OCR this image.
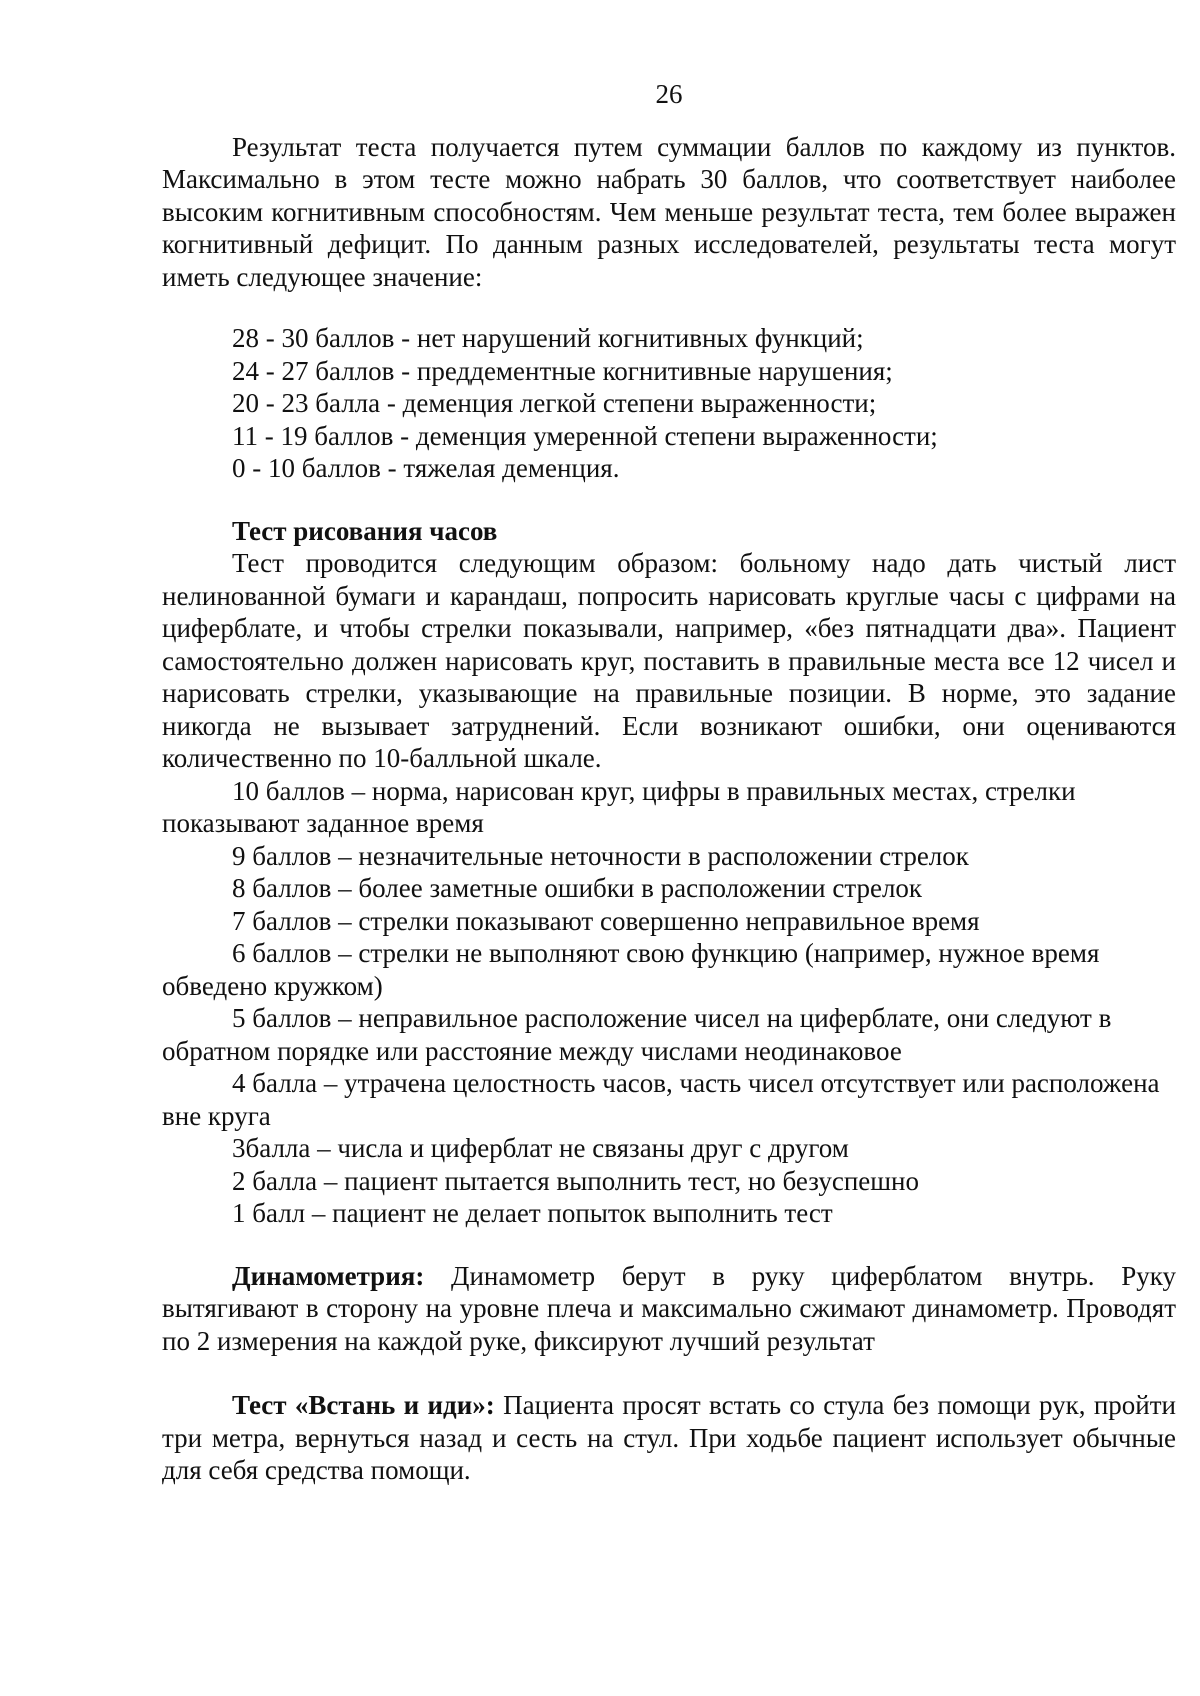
26

Результат теста получается путем суммации баллов по каждому из пунктов. Максимально в этом тесте можно набрать 30 баллов, что соответствует наиболее высоким когнитивным способностям. Чем меньше результат теста, тем более выражен когнитивный дефицит. По данным разных исследователей, результаты теста могут иметь следующее значение:

28 - 30 баллов - нет нарушений когнитивных функций;
24 - 27 баллов - преддементные когнитивные нарушения;
20 - 23 балла - деменция легкой степени выраженности;
11 - 19 баллов - деменция умеренной степени выраженности;
0 - 10 баллов - тяжелая деменция.
Тест рисования часов

Тест проводится следующим образом: больному надо дать чистый лист нелинованной бумаги и карандаш, попросить нарисовать круглые часы с цифрами на циферблате, и чтобы стрелки показывали, например, «без пятнадцати два». Пациент самостоятельно должен нарисовать круг, поставить в правильные места все 12 чисел и нарисовать стрелки, указывающие на правильные позиции. В норме, это задание никогда не вызывает затруднений. Если возникают ошибки, они оцениваются количественно по 10-балльной шкале.

10 баллов – норма, нарисован круг, цифры в правильных местах, стрелки показывают заданное время

9 баллов – незначительные неточности в расположении стрелок

8 баллов – более заметные ошибки в расположении стрелок

7 баллов – стрелки показывают совершенно неправильное время

6 баллов – стрелки не выполняют свою функцию (например, нужное время обведено кружком)

5 баллов – неправильное расположение чисел на циферблате, они следуют в обратном порядке или расстояние между числами неодинаковое

4 балла – утрачена целостность часов, часть чисел отсутствует или расположена вне круга

3балла – числа и циферблат не связаны друг с другом

2 балла – пациент пытается выполнить тест, но безуспешно

1 балл – пациент не делает попыток выполнить тест

Динамометрия: Динамометр берут в руку циферблатом внутрь. Руку вытягивают в сторону на уровне плеча и максимально сжимают динамометр. Проводят по 2 измерения на каждой руке, фиксируют лучший результат

Тест «Встань и иди»: Пациента просят встать со стула без помощи рук, пройти три метра, вернуться назад и сесть на стул. При ходьбе пациент использует обычные для себя средства помощи.
